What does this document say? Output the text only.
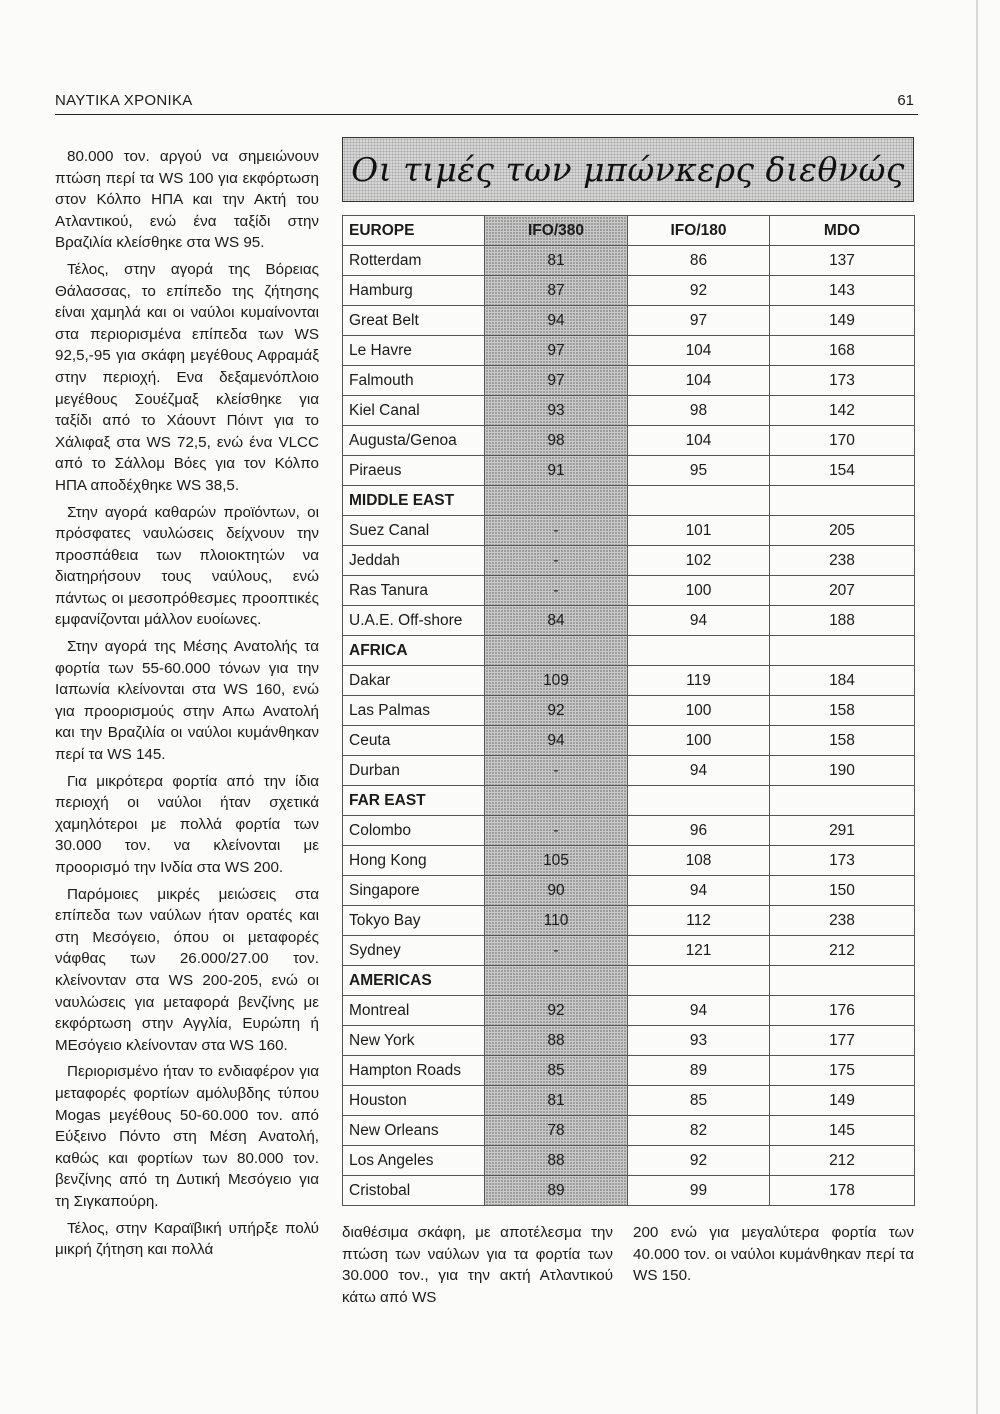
ΝΑΥΤΙΚΑ ΧΡΟΝΙΚΑ	61

80.000 τον. αργού να σημειώνουν πτώση περί τα WS 100 για εκφόρτωση στον Κόλπο ΗΠΑ και την Ακτή του Ατλαντικού, ενώ ένα ταξίδι στην Βραζιλία κλείσθηκε στα WS 95.

Τέλος, στην αγορά της Βόρειας Θάλασσας, το επίπεδο της ζήτησης είναι χαμηλά και οι ναύλοι κυμαίνονται στα περιορισμένα επίπεδα των WS 92,5,-95 για σκάφη μεγέθους Αφραμάξ στην περιοχή. Ενα δεξαμενόπλοιο μεγέθους Σουέζμαξ κλείσθηκε για ταξίδι από το Χάουντ Πόιντ για το Χάλιφαξ στα WS 72,5, ενώ ένα VLCC από το Σάλλομ Βόες για τον Κόλπο ΗΠΑ αποδέχθηκε WS 38,5.

Στην αγορά καθαρών προϊόντων, οι πρόσφατες ναυλώσεις δείχνουν την προσπάθεια των πλοιοκτητών να διατηρήσουν τους ναύλους, ενώ πάντως οι μεσοπρόθεσμες προοπτικές εμφανίζονται μάλλον ευοίωνες.

Στην αγορά της Μέσης Ανατολής τα φορτία των 55-60.000 τόνων για την Ιαπωνία κλείνονται στα WS 160, ενώ για προορισμούς στην Απω Ανατολή και την Βραζιλία οι ναύλοι κυμάνθηκαν περί τα WS 145.

Για μικρότερα φορτία από την ίδια περιοχή οι ναύλοι ήταν σχετικά χαμηλότεροι με πολλά φορτία των 30.000 τον. να κλείνονται με προορισμό την Ινδία στα WS 200.

Παρόμοιες μικρές μειώσεις στα επίπεδα των ναύλων ήταν ορατές και στη Μεσόγειο, όπου οι μεταφορές νάφθας των 26.000/27.00 τον. κλείνονταν στα WS 200-205, ενώ οι ναυλώσεις για μεταφορά βενζίνης με εκφόρτωση στην Αγγλία, Ευρώπη ή ΜΕσόγειο κλείνονταν στα WS 160.

Περιορισμένο ήταν το ενδιαφέρον για μεταφορές φορτίων αμόλυβδης τύπου Mogas μεγέθους 50-60.000 τον. από Εύξεινο Πόντο στη Μέση Ανατολή, καθώς και φορτίων των 80.000 τον. βενζίνης από τη Δυτική Μεσόγειο για τη Σιγκαπούρη.

Τέλος, στην Καραϊβική υπήρξε πολύ μικρή ζήτηση και πολλά

Οι τιμές των μπώνκερς διεθνώς
EUROPE	IFO/380	IFO/180	MDO
Rotterdam	81	86	137
Hamburg	87	92	143
Great Belt	94	97	149
Le Havre	97	104	168
Falmouth	97	104	173
Kiel Canal	93	98	142
Augusta/Genoa	98	104	170
Piraeus	91	95	154
MIDDLE EAST			
Suez Canal	-	101	205
Jeddah	-	102	238
Ras Tanura	-	100	207
U.A.E. Off-shore	84	94	188
AFRICA			
Dakar	109	119	184
Las Palmas	92	100	158
Ceuta	94	100	158
Durban	-	94	190
FAR EAST			
Colombo	-	96	291
Hong Kong	105	108	173
Singapore	90	94	150
Tokyo Bay	110	112	238
Sydney	-	121	212
AMERICAS			
Montreal	92	94	176
New York	88	93	177
Hampton Roads	85	89	175
Houston	81	85	149
New Orleans	78	82	145
Los Angeles	88	92	212
Cristobal	89	99	178

διαθέσιμα σκάφη, με αποτέλεσμα την πτώση των ναύλων για τα φορτία των 30.000 τον., για την ακτή Ατλαντικού κάτω από WS

200 ενώ για μεγαλύτερα φορτία των 40.000 τον. οι ναύλοι κυμάνθηκαν περί τα WS 150.
